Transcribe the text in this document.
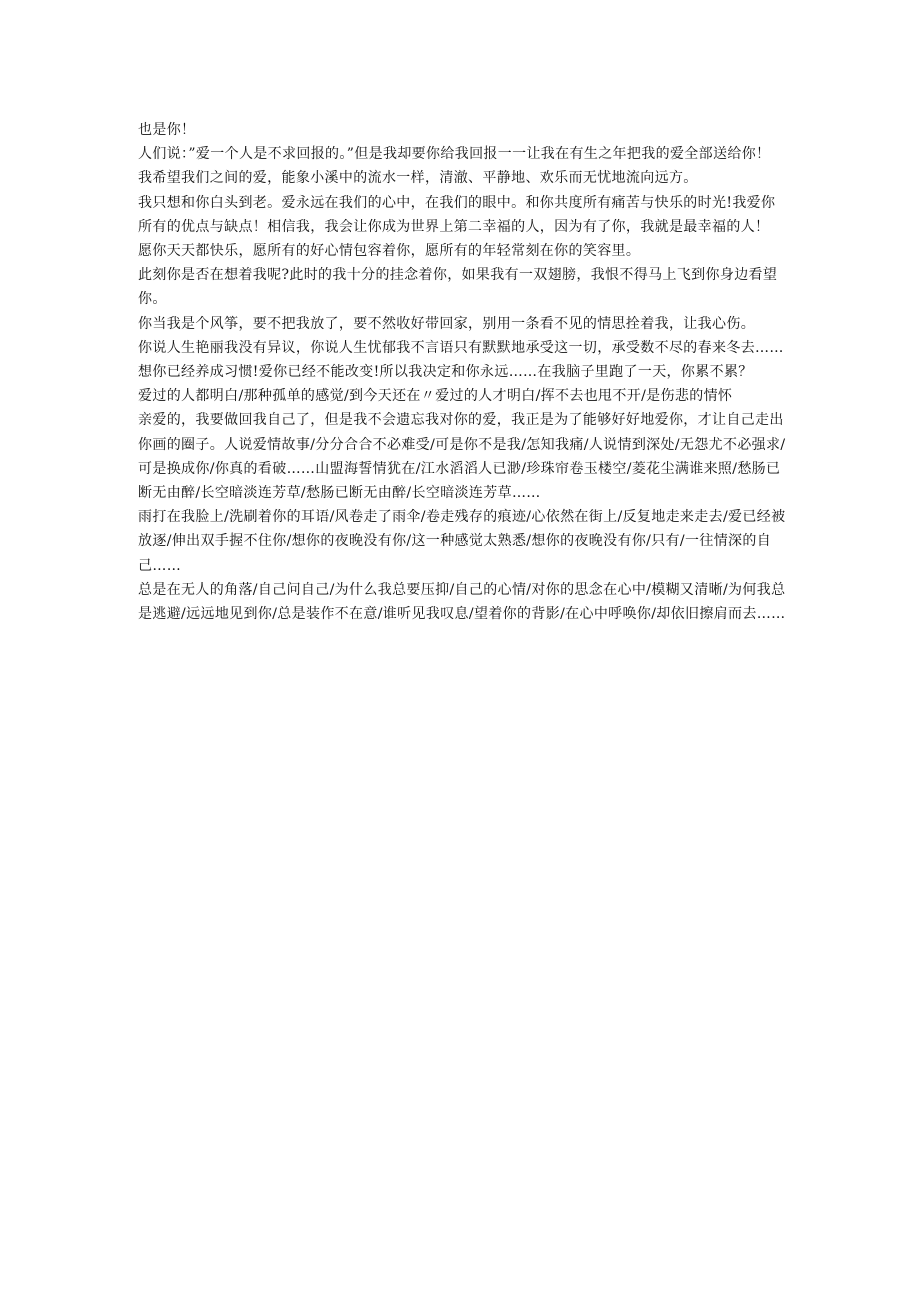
也是你！

人们说：”爱一个人是不求回报的。”但是我却要你给我回报一一让我在有生之年把我的爱全部送给你！

我希望我们之间的爱，能象小溪中的流水一样，清澈、平静地、欢乐而无忧地流向远方。

我只想和你白头到老。爱永远在我们的心中，在我们的眼中。和你共度所有痛苦与快乐的时光!我爱你所有的优点与缺点！相信我，我会让你成为世界上第二幸福的人，因为有了你，我就是最幸福的人！

愿你天天都快乐，愿所有的好心情包容着你，愿所有的年轻常刻在你的笑容里。

此刻你是否在想着我呢?此时的我十分的挂念着你，如果我有一双翅膀，我恨不得马上飞到你身边看望你。

你当我是个风筝，要不把我放了，要不然收好带回家，别用一条看不见的情思拴着我，让我心伤。

你说人生艳丽我没有异议，你说人生忧郁我不言语只有默默地承受这一切，承受数不尽的春来冬去……

想你已经养成习惯!爱你已经不能改变!所以我决定和你永远……在我脑子里跑了一天，你累不累？

爱过的人都明白/那种孤单的感觉/到今天还在〃爱过的人才明白/挥不去也甩不开/是伤悲的情怀

亲爱的，我要做回我自己了，但是我不会遗忘我对你的爱，我正是为了能够好好地爱你，才让自己走出你画的圈子。人说爱情故事/分分合合不必难受/可是你不是我/怎知我痛/人说情到深处/无怨尤不必强求/可是换成你/你真的看破……山盟海誓情犹在/江水滔滔人已渺/珍珠帘卷玉楼空/菱花尘满谁来照/愁肠已断无由醉/长空暗淡连芳草/愁肠已断无由醉/长空暗淡连芳草……

雨打在我脸上/洗刷着你的耳语/风卷走了雨伞/卷走残存的痕迹/心依然在街上/反复地走来走去/爱已经被放逐/伸出双手握不住你/想你的夜晚没有你/这一种感觉太熟悉/想你的夜晚没有你/只有/一往情深的自己……

总是在无人的角落/自己问自己/为什么我总要压抑/自己的心情/对你的思念在心中/模糊又清晰/为何我总是逃避/远远地见到你/总是装作不在意/谁听见我叹息/望着你的背影/在心中呼唤你/却依旧擦肩而去……
